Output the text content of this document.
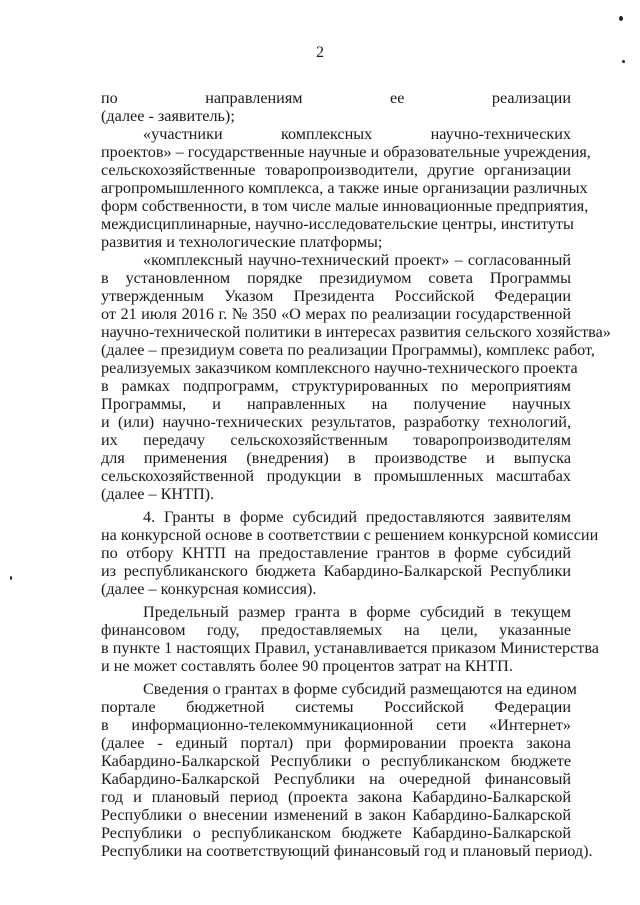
2
по направлениям ее реализации
(далее - заявитель);
«участники комплексных научно-технических
проектов» – государственные научные и образовательные учреждения,
сельскохозяйственные товаропроизводители, другие организации
агропромышленного комплекса, а также иные организации различных
форм собственности, в том числе малые инновационные предприятия,
междисциплинарные, научно-исследовательские центры, институты
развития и технологические платформы;
«комплексный научно-технический проект» – согласованный
в установленном порядке президиумом совета Программы
утвержденным Указом Президента Российской Федерации
от 21 июля 2016 г. № 350 «О мерах по реализации государственной
научно-технической политики в интересах развития сельского хозяйства»
(далее – президиум совета по реализации Программы), комплекс работ,
реализуемых заказчиком комплексного научно-технического проекта
в рамках подпрограмм, структурированных по мероприятиям
Программы, и направленных на получение научных
и (или) научно-технических результатов, разработку технологий,
их передачу сельскохозяйственным товаропроизводителям
для применения (внедрения) в производстве и выпуска
сельскохозяйственной продукции в промышленных масштабах
(далее – КНТП).
4. Гранты в форме субсидий предоставляются заявителям
на конкурсной основе в соответствии с решением конкурсной комиссии
по отбору КНТП на предоставление грантов в форме субсидий
из республиканского бюджета Кабардино-Балкарской Республики
(далее – конкурсная комиссия).
Предельный размер гранта в форме субсидий в текущем
финансовом году, предоставляемых на цели, указанные
в пункте 1 настоящих Правил, устанавливается приказом Министерства
и не может составлять более 90 процентов затрат на КНТП.
Сведения о грантах в форме субсидий размещаются на едином
портале бюджетной системы Российской Федерации
в информационно-телекоммуникационной сети «Интернет»
(далее - единый портал) при формировании проекта закона
Кабардино-Балкарской Республики о республиканском бюджете
Кабардино-Балкарской Республики на очередной финансовый
год и плановый период (проекта закона Кабардино-Балкарской
Республики о внесении изменений в закон Кабардино-Балкарской
Республики о республиканском бюджете Кабардино-Балкарской
Республики на соответствующий финансовый год и плановый период).
